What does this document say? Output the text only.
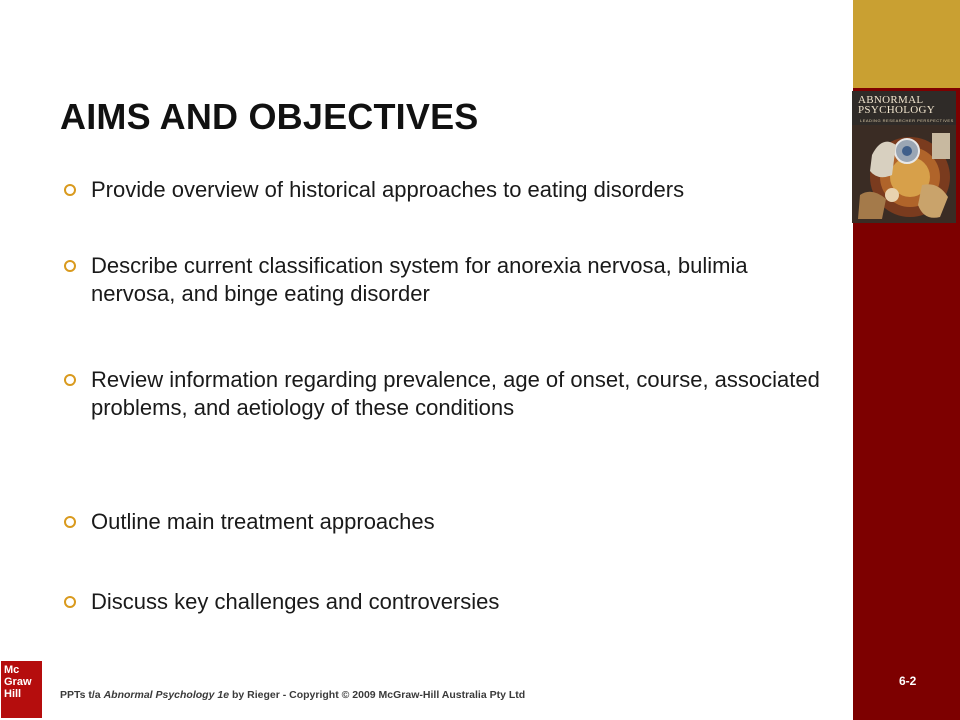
ABNORMAL
PSYCHOLOGY
LEADING RESEARCHER PERSPECTIVES
AIMS AND OBJECTIVES
Provide overview of historical approaches to eating disorders
Describe current classification system for anorexia nervosa, bulimia nervosa, and binge eating disorder
Review information regarding prevalence, age of onset, course, associated problems, and aetiology of these conditions
Outline main treatment approaches
Discuss key challenges and controversies
Mc
Graw
Hill	PPTs t/a Abnormal Psychology 1e by Rieger - Copyright © 2009 McGraw-Hill Australia Pty Ltd
6-2
